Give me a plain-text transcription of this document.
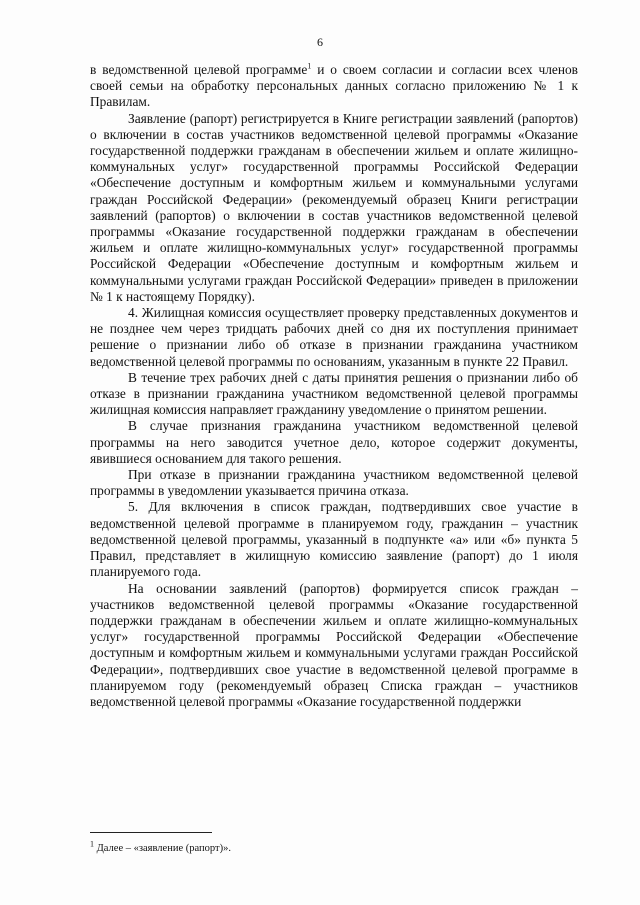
6

в ведомственной целевой программе$^1$ и о своем согласии и согласии всех членов своей семьи на обработку персональных данных согласно приложению № 1 к Правилам.

Заявление (рапорт) регистрируется в Книге регистрации заявлений (рапортов) о включении в состав участников ведомственной целевой программы «Оказание государственной поддержки гражданам в обеспечении жильем и оплате жилищно-коммунальных услуг» государственной программы Российской Федерации «Обеспечение доступным и комфортным жильем и коммунальными услугами граждан Российской Федерации» (рекомендуемый образец Книги регистрации заявлений (рапортов) о включении в состав участников ведомственной целевой программы «Оказание государственной поддержки гражданам в обеспечении жильем и оплате жилищно-коммунальных услуг» государственной программы Российской Федерации «Обеспечение доступным и комфортным жильем и коммунальными услугами граждан Российской Федерации» приведен в приложении № 1 к настоящему Порядку).

4. Жилищная комиссия осуществляет проверку представленных документов и не позднее чем через тридцать рабочих дней со дня их поступления принимает решение о признании либо об отказе в признании гражданина участником ведомственной целевой программы по основаниям, указанным в пункте 22 Правил.

В течение трех рабочих дней с даты принятия решения о признании либо об отказе в признании гражданина участником ведомственной целевой программы жилищная комиссия направляет гражданину уведомление о принятом решении.

В случае признания гражданина участником ведомственной целевой программы на него заводится учетное дело, которое содержит документы, явившиеся основанием для такого решения.

При отказе в признании гражданина участником ведомственной целевой программы в уведомлении указывается причина отказа.

5. Для включения в список граждан, подтвердивших свое участие в ведомственной целевой программе в планируемом году, гражданин – участник ведомственной целевой программы, указанный в подпункте «а» или «б» пункта 5 Правил, представляет в жилищную комиссию заявление (рапорт) до 1 июля планируемого года.

На основании заявлений (рапортов) формируется список граждан – участников ведомственной целевой программы «Оказание государственной поддержки гражданам в обеспечении жильем и оплате жилищно-коммунальных услуг» государственной программы Российской Федерации «Обеспечение доступным и комфортным жильем и коммунальными услугами граждан Российской Федерации», подтвердивших свое участие в ведомственной целевой программе в планируемом году (рекомендуемый образец Списка граждан – участников ведомственной целевой программы «Оказание государственной поддержки

$^1$ Далее – «заявление (рапорт)».
